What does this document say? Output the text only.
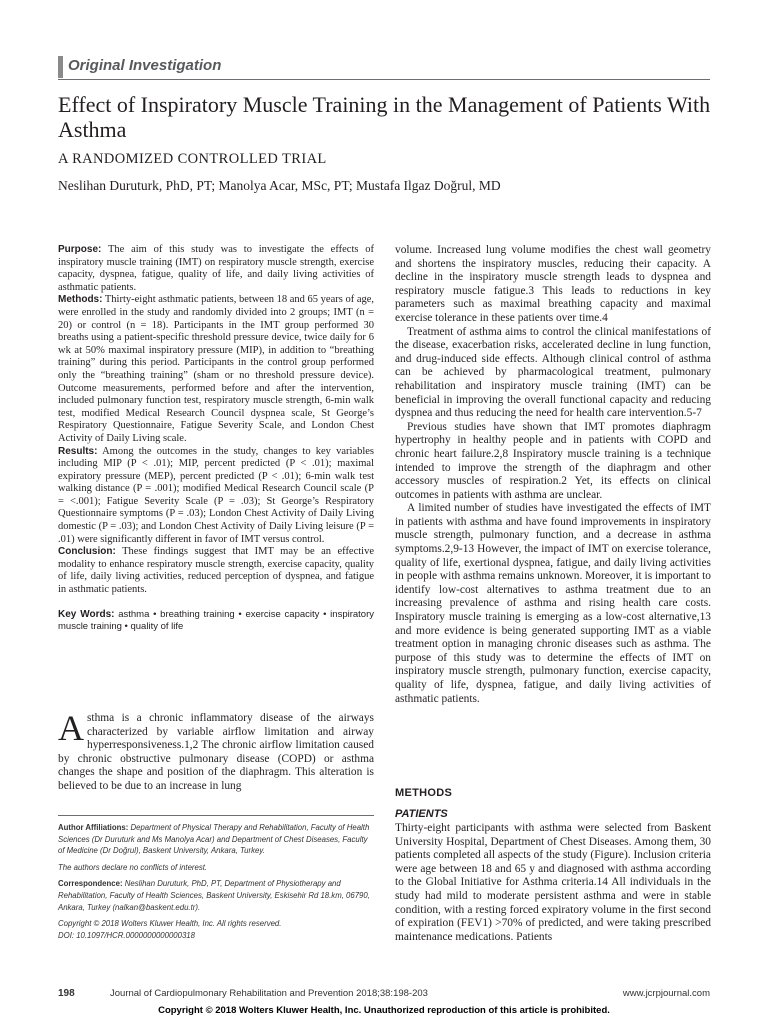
Original Investigation
Effect of Inspiratory Muscle Training in the Management of Patients With Asthma
A RANDOMIZED CONTROLLED TRIAL
Neslihan Duruturk, PhD, PT; Manolya Acar, MSc, PT; Mustafa Ilgaz Doğrul, MD

Purpose: The aim of this study was to investigate the effects of inspiratory muscle training (IMT) on respiratory muscle strength, exercise capacity, dyspnea, fatigue, quality of life, and daily living activities of asthmatic patients.

Methods: Thirty-eight asthmatic patients, between 18 and 65 years of age, were enrolled in the study and randomly divided into 2 groups; IMT (n = 20) or control (n = 18). Participants in the IMT group performed 30 breaths using a patient-specific threshold pressure device, twice daily for 6 wk at 50% maximal inspiratory pressure (MIP), in addition to “breathing training” during this period. Participants in the control group performed only the “breathing training” (sham or no threshold pressure device). Outcome measurements, performed before and after the intervention, included pulmonary function test, respiratory muscle strength, 6-min walk test, modified Medical Research Council dyspnea scale, St George’s Respiratory Questionnaire, Fatigue Severity Scale, and London Chest Activity of Daily Living scale.

Results: Among the outcomes in the study, changes to key variables including MIP (P < .01); MIP, percent predicted (P < .01); maximal expiratory pressure (MEP), percent predicted (P < .01); 6-min walk test walking distance (P = .001); modified Medical Research Council scale (P = <.001); Fatigue Severity Scale (P = .03); St George’s Respiratory Questionnaire symptoms (P = .03); London Chest Activity of Daily Living domestic (P = .03); and London Chest Activity of Daily Living leisure (P = .01) were significantly different in favor of IMT versus control.

Conclusion: These findings suggest that IMT may be an effective modality to enhance respiratory muscle strength, exercise capacity, quality of life, daily living activities, reduced perception of dyspnea, and fatigue in asthmatic patients.

Key Words: asthma • breathing training • exercise capacity • inspiratory muscle training • quality of life

Asthma is a chronic inflammatory disease of the airways characterized by variable airflow limitation and airway hyperresponsiveness.1,2 The chronic airflow limitation caused by chronic obstructive pulmonary disease (COPD) or asthma changes the shape and position of the diaphragm. This alteration is believed to be due to an increase in lung

Author Affiliations: Department of Physical Therapy and Rehabilitation, Faculty of Health Sciences (Dr Duruturk and Ms Manolya Acar) and Department of Chest Diseases, Faculty of Medicine (Dr Doğrul), Baskent University, Ankara, Turkey.

The authors declare no conflicts of interest.

Correspondence: Neslihan Duruturk, PhD, PT, Department of Physiotherapy and Rehabilitation, Faculty of Health Sciences, Baskent University, Eskisehir Rd 18.km, 06790, Ankara, Turkey (nalkan@baskent.edu.tr).

Copyright © 2018 Wolters Kluwer Health, Inc. All rights reserved.

DOI: 10.1097/HCR.0000000000000318

volume. Increased lung volume modifies the chest wall geometry and shortens the inspiratory muscles, reducing their capacity. A decline in the inspiratory muscle strength leads to dyspnea and respiratory muscle fatigue.3 This leads to reductions in key parameters such as maximal breathing capacity and maximal exercise tolerance in these patients over time.4

Treatment of asthma aims to control the clinical manifestations of the disease, exacerbation risks, accelerated decline in lung function, and drug-induced side effects. Although clinical control of asthma can be achieved by pharmacological treatment, pulmonary rehabilitation and inspiratory muscle training (IMT) can be beneficial in improving the overall functional capacity and reducing dyspnea and thus reducing the need for health care intervention.5-7

Previous studies have shown that IMT promotes diaphragm hypertrophy in healthy people and in patients with COPD and chronic heart failure.2,8 Inspiratory muscle training is a technique intended to improve the strength of the diaphragm and other accessory muscles of respiration.2 Yet, its effects on clinical outcomes in patients with asthma are unclear.

A limited number of studies have investigated the effects of IMT in patients with asthma and have found improvements in inspiratory muscle strength, pulmonary function, and a decrease in asthma symptoms.2,9-13 However, the impact of IMT on exercise tolerance, quality of life, exertional dyspnea, fatigue, and daily living activities in people with asthma remains unknown. Moreover, it is important to identify low-cost alternatives to asthma treatment due to an increasing prevalence of asthma and rising health care costs. Inspiratory muscle training is emerging as a low-cost alternative,13 and more evidence is being generated supporting IMT as a viable treatment option in managing chronic diseases such as asthma. The purpose of this study was to determine the effects of IMT on inspiratory muscle strength, pulmonary function, exercise capacity, quality of life, dyspnea, fatigue, and daily living activities of asthmatic patients.

METHODS
PATIENTS

Thirty-eight participants with asthma were selected from Baskent University Hospital, Department of Chest Diseases. Among them, 30 patients completed all aspects of the study (Figure). Inclusion criteria were age between 18 and 65 y and diagnosed with asthma according to the Global Initiative for Asthma criteria.14 All individuals in the study had mild to moderate persistent asthma and were in stable condition, with a resting forced expiratory volume in the first second of expiration (FEV1) >70% of predicted, and were taking prescribed maintenance medications. Patients

198	Journal of Cardiopulmonary Rehabilitation and Prevention 2018;38:198-203	www.jcrpjournal.com
Copyright © 2018 Wolters Kluwer Health, Inc. Unauthorized reproduction of this article is prohibited.
